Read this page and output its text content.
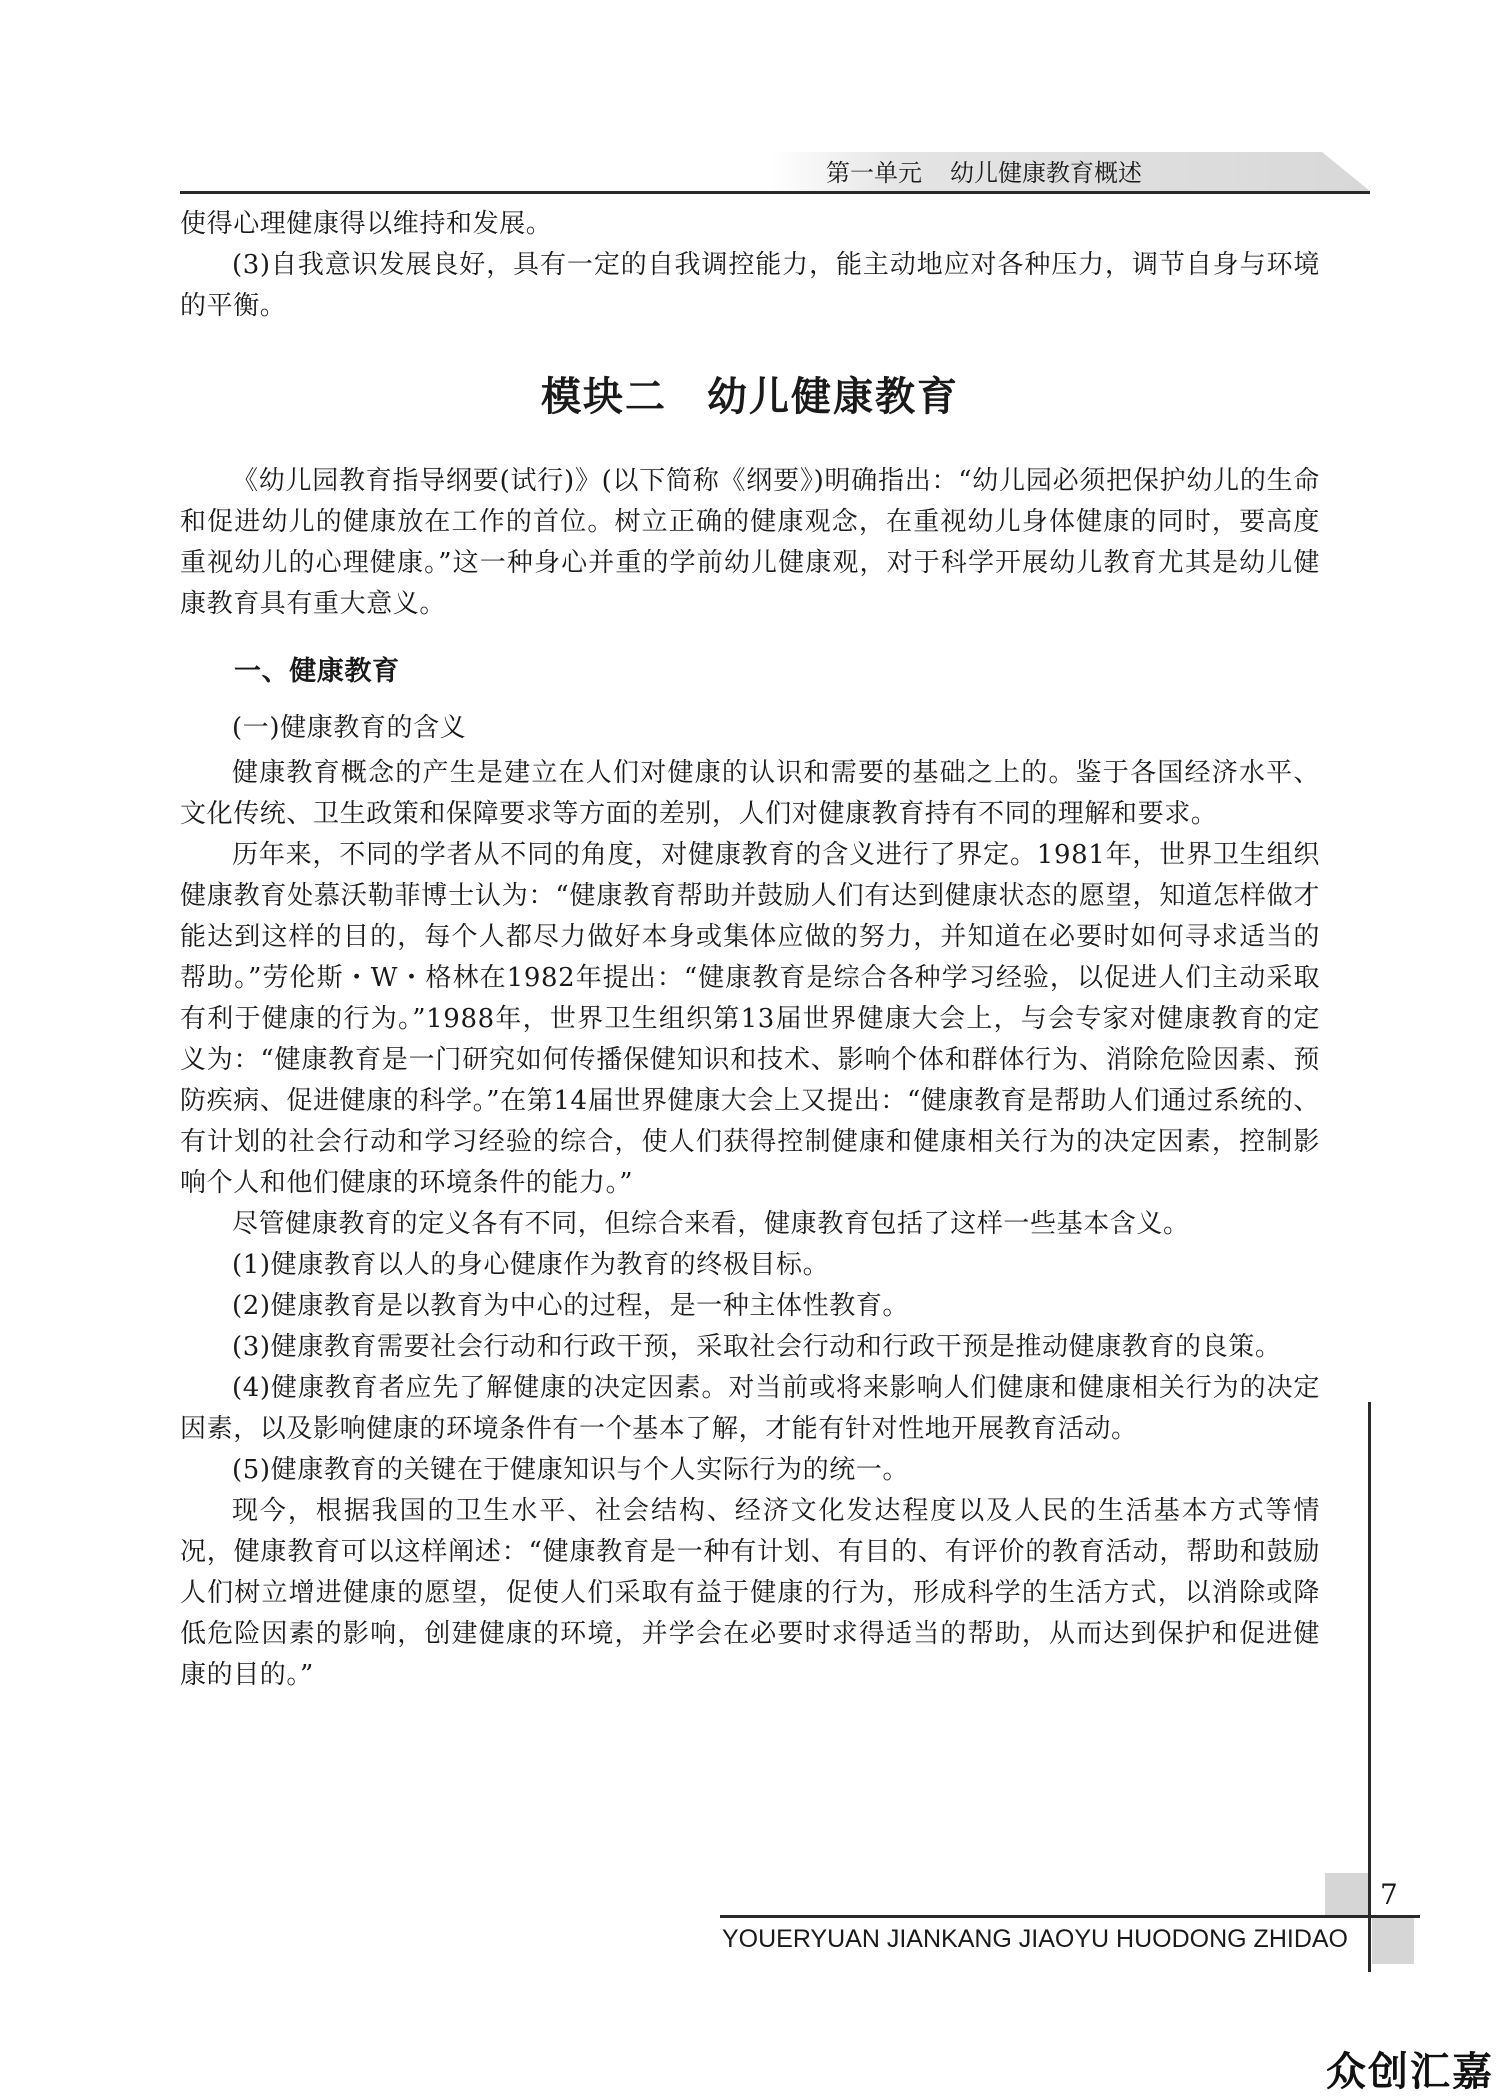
第一单元 幼儿健康教育概述

使得心理健康得以维持和发展。

(3)自我意识发展良好，具有一定的自我调控能力，能主动地应对各种压力，调节自身与环境的平衡。

模块二 幼儿健康教育

《幼儿园教育指导纲要(试行)》(以下简称《纲要》)明确指出：“幼儿园必须把保护幼儿的生命和促进幼儿的健康放在工作的首位。树立正确的健康观念，在重视幼儿身体健康的同时，要高度重视幼儿的心理健康。”这一种身心并重的学前幼儿健康观，对于科学开展幼儿教育尤其是幼儿健康教育具有重大意义。

一、健康教育

(一)健康教育的含义

健康教育概念的产生是建立在人们对健康的认识和需要的基础之上的。鉴于各国经济水平、文化传统、卫生政策和保障要求等方面的差别，人们对健康教育持有不同的理解和要求。

历年来，不同的学者从不同的角度，对健康教育的含义进行了界定。1981年，世界卫生组织健康教育处慕沃勒菲博士认为：“健康教育帮助并鼓励人们有达到健康状态的愿望，知道怎样做才能达到这样的目的，每个人都尽力做好本身或集体应做的努力，并知道在必要时如何寻求适当的帮助。”劳伦斯・W・格林在1982年提出：“健康教育是综合各种学习经验，以促进人们主动采取有利于健康的行为。”1988年，世界卫生组织第13届世界健康大会上，与会专家对健康教育的定义为：“健康教育是一门研究如何传播保健知识和技术、影响个体和群体行为、消除危险因素、预防疾病、促进健康的科学。”在第14届世界健康大会上又提出：“健康教育是帮助人们通过系统的、有计划的社会行动和学习经验的综合，使人们获得控制健康和健康相关行为的决定因素，控制影响个人和他们健康的环境条件的能力。”

尽管健康教育的定义各有不同，但综合来看，健康教育包括了这样一些基本含义。

(1)健康教育以人的身心健康作为教育的终极目标。

(2)健康教育是以教育为中心的过程，是一种主体性教育。

(3)健康教育需要社会行动和行政干预，采取社会行动和行政干预是推动健康教育的良策。

(4)健康教育者应先了解健康的决定因素。对当前或将来影响人们健康和健康相关行为的决定因素，以及影响健康的环境条件有一个基本了解，才能有针对性地开展教育活动。

(5)健康教育的关键在于健康知识与个人实际行为的统一。

现今，根据我国的卫生水平、社会结构、经济文化发达程度以及人民的生活基本方式等情况，健康教育可以这样阐述：“健康教育是一种有计划、有目的、有评价的教育活动，帮助和鼓励人们树立增进健康的愿望，促使人们采取有益于健康的行为，形成科学的生活方式，以消除或降低危险因素的影响，创建健康的环境，并学会在必要时求得适当的帮助，从而达到保护和促进健康的目的。”

7
YOUERYUAN JIANKANG JIAOYU HUODONG ZHIDAO
众创汇嘉
